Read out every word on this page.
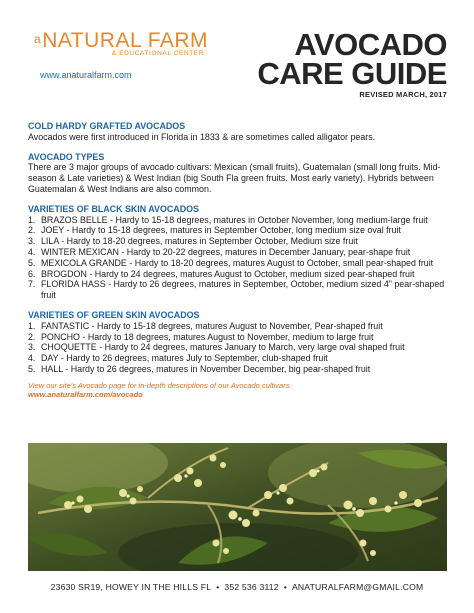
aNATURAL FARM
& EDUCATIONAL CENTER
www.anaturalfarm.com
AVOCADO
CARE GUIDE
REVISED MARCH, 2017
COLD HARDY GRAFTED AVOCADOS

Avocados were first introduced in Florida in 1833 & are sometimes called alligator pears.

AVOCADO TYPES

There are 3 major groups of avocado cultivars: Mexican (small fruits), Guatemalan (small long fruits. Mid-season & Late varieties) & West Indian (big South Fla green fruits. Most early variety). Hybrids between Guatemalan & West Indians are also common.

VARIETIES OF BLACK SKIN AVOCADOS
1. BRAZOS BELLE - Hardy to 15-18 degrees, matures in October November, long medium-large fruit
2. JOEY - Hardy to 15-18 degrees, matures in September October, long medium size oval fruit
3. LILA - Hardy to 18-20 degrees, matures in September October, Medium size fruit
4. WINTER MEXICAN - Hardy to 20-22 degrees, matures in December January, pear-shape fruit
5. MEXICOLA GRANDE - Hardy to 18-20 degrees, matures August to October, small pear-shaped fruit
6. BROGDON - Hardy to 24 degrees, matures August to October, medium sized pear-shaped fruit
7. FLORIDA HASS - Hardy to 26 degrees, matures in September, October, medium sized 4" pear-shaped fruit
VARIETIES OF GREEN SKIN AVOCADOS
1. FANTASTIC - Hardy to 15-18 degrees, matures August to November, Pear-shaped fruit
2. PONCHO - Hardy to 18 degrees, matures August to November, medium to large fruit
3. CHOQUETTE - Hardy to 24 degrees, matures January to March, very large oval shaped fruit
4. DAY - Hardy to 26 degrees, matures July to September, club-shaped fruit
5. HALL - Hardy to 26 degrees, matures in November December, big pear-shaped fruit
View our site's Avocado page for in-depth descriptions of our Avocado cultivars.
www.anaturalfarm.com/avocado
23630 SR19, HOWEY IN THE HILLS FL • 352 536 3112 • ANATURALFARM@GMAIL.COM
